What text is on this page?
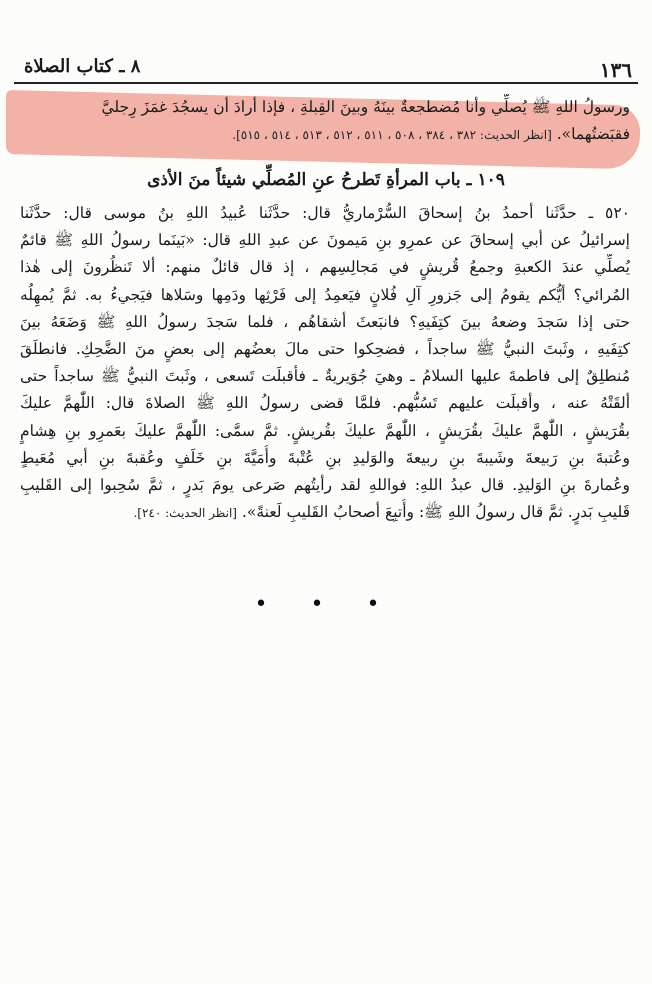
١٣٦
٨ ـ كتاب الصلاة
ورسولُ اللهِ ﷺ يُصلِّي وأنا مُضطجعةٌ بينَهُ وبينَ القِبلةِ ، فإذا أرادَ أن يسجُدَ غمَزَ رِجليَّ
فقبَضتُهما». [انظر الحديث: ٣٨٢ ، ٣٨٤ ، ٥٠٨ ، ٥١١ ، ٥١٢ ، ٥١٣ ، ٥١٤ ، ٥١٥].
١٠٩ ـ باب المرأةِ تَطرحُ عنِ المُصلِّي شيئاً منَ الأذى
٥٢٠ ـ حدَّثَنا أحمدُ بنُ إسحاقَ السُّرْماريُّ قال: حدَّثَنا عُبيدُ اللهِ بنُ موسى قال: حدَّثَنا
إسرائيلُ عن أبي إسحاقَ عن عمرِو بنِ مَيمونَ عن عبدِ اللهِ قال: «بَينَما رسولُ اللهِ ﷺ قائمٌ
يُصلِّي عندَ الكعبةِ وجمعُ قُريشٍ في مَجالِسِهم ، إذ قال قائلٌ منهم: ألا تَنظُرونَ إلى هٰذا
المُرائي؟ أيُّكم يقومُ إلى جَزورِ آلِ فُلانٍ فيَعمِدُ إلى فَرْثِها ودَمِها وسَلاها فيَجيءُ به. ثمَّ يُمهِلُه
حتى إذا سَجدَ وضعهُ بينَ كتِفَيهِ؟ فانبَعثَ أشقاهُم ، فلما سَجدَ رسولُ اللهِ ﷺ وَضَعَهُ بينَ
كتِفَيهِ ، وثَبتَ النبيُّ ﷺ ساجداً ، فضحِكوا حتى مالَ بعضُهم إلى بعضٍ منَ الضَّحِكِ. فانطلَقَ
مُنطلِقٌ إلى فاطمةَ عليها السلامُ ـ وهيَ جُوَيريةٌ ـ فأقبلَت تَسعى ، وثَبتَ النبيُّ ﷺ ساجداً حتى
ألقَتْهُ عنه ، وأقبلَت عليهم تَسُبُّهم. فلمَّا قضى رسولُ اللهِ ﷺ الصلاةَ قال: اللّٰهمَّ عليكَ
بقُرَيشٍ ، اللّٰهمَّ عليكَ بقُرَيشٍ ، اللّٰهمَّ عليكَ بقُريشٍ. ثمَّ سمَّى: اللّٰهمَّ عليكَ بعَمرِو بنِ هِشامٍ
وعُتبةَ بنِ رَبيعةَ وشَيبةَ بنِ ربيعةَ والوَليدِ بنِ عُتْبةَ وأُمَيَّةَ بنِ خَلَفٍ وعُقبةَ بنِ أبي مُعَيطٍ
وعُمارةَ بنِ الوَليدِ. قال عبدُ اللهِ: فواللهِ لقد رأيتُهم صَرعى يومَ بَدرٍ ، ثمَّ سُحِبوا إلى القَليبِ
قَليبِ بَدرٍ. ثمَّ قال رسولُ اللهِ ﷺ: وأُتبِعَ أصحابُ القَليبِ لَعنةً». [انظر الحديث: ٢٤٠].
• • •
